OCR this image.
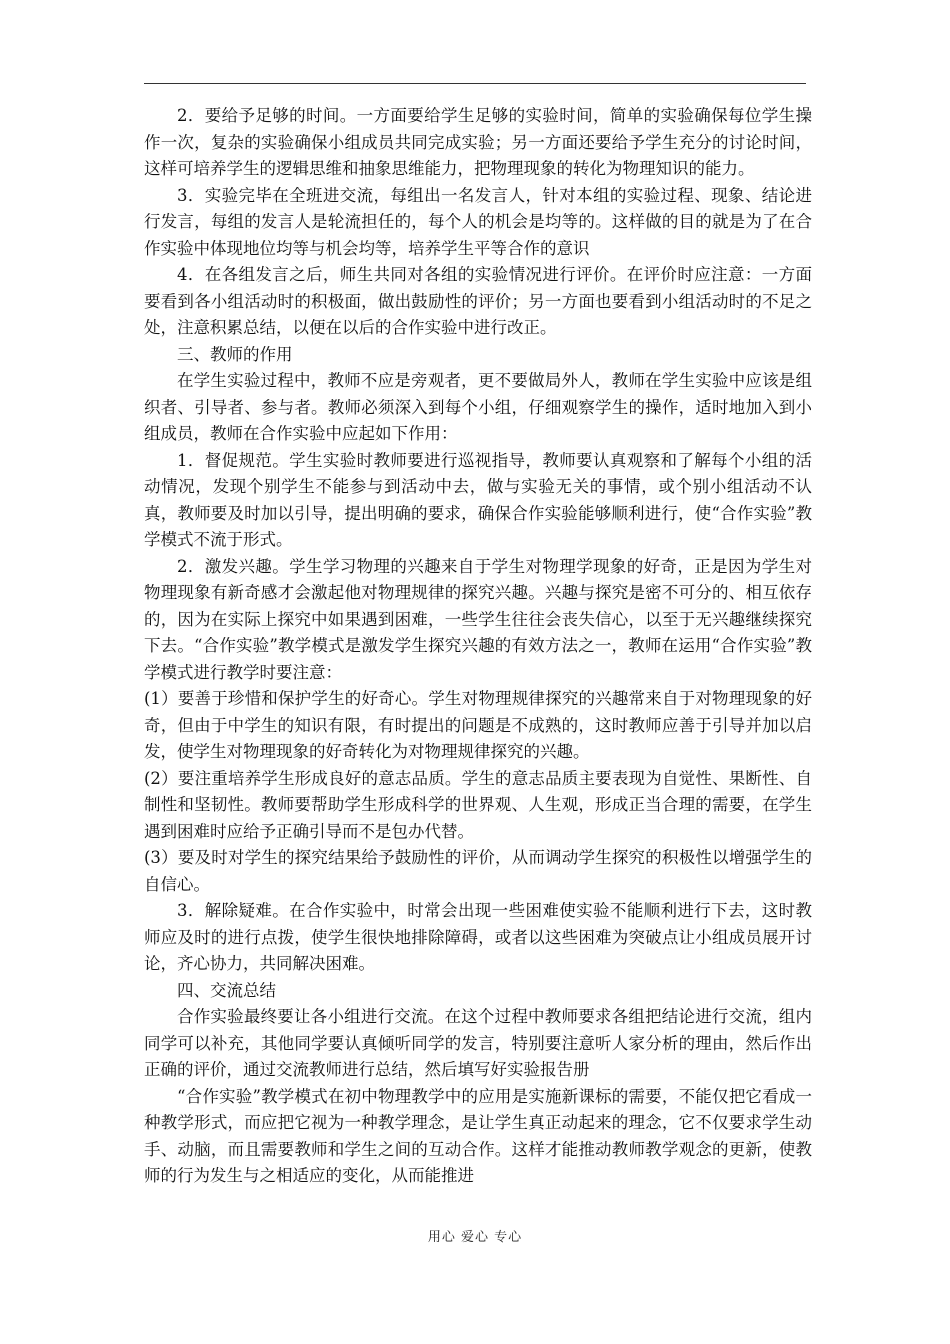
2．要给予足够的时间。一方面要给学生足够的实验时间，简单的实验确保每位学生操作一次，复杂的实验确保小组成员共同完成实验；另一方面还要给予学生充分的讨论时间，这样可培养学生的逻辑思维和抽象思维能力，把物理现象的转化为物理知识的能力。

3．实验完毕在全班进交流，每组出一名发言人，针对本组的实验过程、现象、结论进行发言，每组的发言人是轮流担任的，每个人的机会是均等的。这样做的目的就是为了在合作实验中体现地位均等与机会均等，培养学生平等合作的意识

4．在各组发言之后，师生共同对各组的实验情况进行评价。在评价时应注意：一方面要看到各小组活动时的积极面，做出鼓励性的评价；另一方面也要看到小组活动时的不足之处，注意积累总结，以便在以后的合作实验中进行改正。

三、教师的作用

在学生实验过程中，教师不应是旁观者，更不要做局外人，教师在学生实验中应该是组织者、引导者、参与者。教师必须深入到每个小组，仔细观察学生的操作，适时地加入到小组成员，教师在合作实验中应起如下作用：

1．督促规范。学生实验时教师要进行巡视指导，教师要认真观察和了解每个小组的活动情况，发现个别学生不能参与到活动中去，做与实验无关的事情，或个别小组活动不认真，教师要及时加以引导，提出明确的要求，确保合作实验能够顺利进行，使“合作实验”教学模式不流于形式。

2．激发兴趣。学生学习物理的兴趣来自于学生对物理学现象的好奇，正是因为学生对物理现象有新奇感才会激起他对物理规律的探究兴趣。兴趣与探究是密不可分的、相互依存的，因为在实际上探究中如果遇到困难，一些学生往往会丧失信心，以至于无兴趣继续探究下去。“合作实验”教学模式是激发学生探究兴趣的有效方法之一，教师在运用“合作实验”教学模式进行教学时要注意：

(1）要善于珍惜和保护学生的好奇心。学生对物理规律探究的兴趣常来自于对物理现象的好奇，但由于中学生的知识有限，有时提出的问题是不成熟的，这时教师应善于引导并加以启发，使学生对物理现象的好奇转化为对物理规律探究的兴趣。

(2）要注重培养学生形成良好的意志品质。学生的意志品质主要表现为自觉性、果断性、自制性和坚韧性。教师要帮助学生形成科学的世界观、人生观，形成正当合理的需要，在学生遇到困难时应给予正确引导而不是包办代替。

(3）要及时对学生的探究结果给予鼓励性的评价，从而调动学生探究的积极性以增强学生的自信心。

3．解除疑难。在合作实验中，时常会出现一些困难使实验不能顺利进行下去，这时教师应及时的进行点拨，使学生很快地排除障碍，或者以这些困难为突破点让小组成员展开讨论，齐心协力，共同解决困难。

四、交流总结

合作实验最终要让各小组进行交流。在这个过程中教师要求各组把结论进行交流，组内同学可以补充，其他同学要认真倾听同学的发言，特别要注意听人家分析的理由，然后作出正确的评价，通过交流教师进行总结，然后填写好实验报告册

“合作实验”教学模式在初中物理教学中的应用是实施新课标的需要，不能仅把它看成一种教学形式，而应把它视为一种教学理念，是让学生真正动起来的理念，它不仅要求学生动手、动脑，而且需要教师和学生之间的互动合作。这样才能推动教师教学观念的更新，使教师的行为发生与之相适应的变化，从而能推进

用心 爱心 专心
